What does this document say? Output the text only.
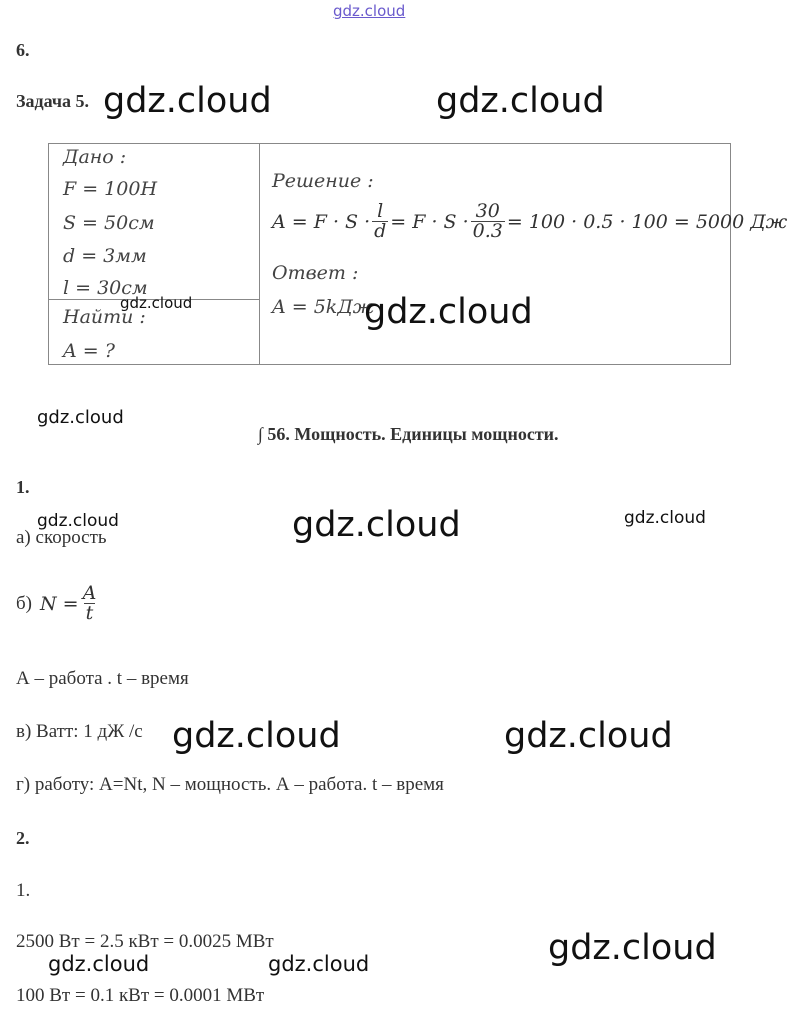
gdz.cloud
6.
Задача 5.
Дано :
F = 100Н
S = 50см
d = 3мм
l = 30см

Решение :
$A = F \cdot S \cdot \frac{l}{d} = F \cdot S \cdot \frac{30}{0.3} = 100 \cdot 0.5 \cdot 100 = 5000$ Дж
Ответ :
A = 5kДж

Найти :
A = ?
∫ 56. Мощность. Единицы мощности.
1.
а) скорость
б) $N = \frac{A}{t}$
А – работа . t – время
в) Ватт: 1 дЖ /с
г) работу: A=Nt, N – мощность. А – работа. t – время
2.
1.
2500 Вт = 2.5 кВт = 0.0025 МВт
100 Вт = 0.1 кВт = 0.0001 МВт
gdz.cloud	gdz.cloud
gdz.cloud	gdz.cloud
gdz.cloud
gdz.cloud	gdz.cloud	gdz.cloud
gdz.cloud	gdz.cloud
gdz.cloud
gdz.cloud	gdz.cloud
